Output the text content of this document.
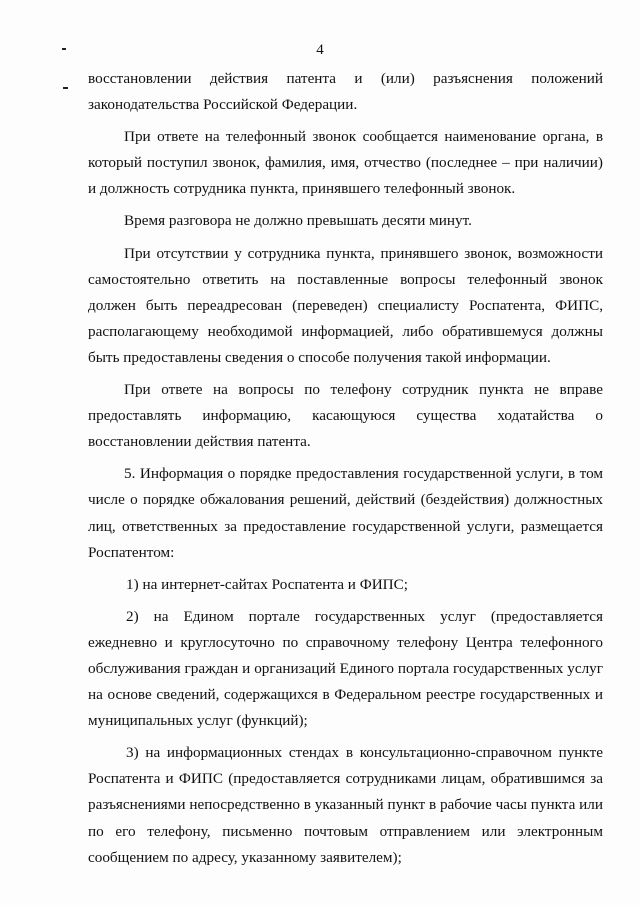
4

восстановлении действия патента и (или) разъяснения положений законодательства Российской Федерации.

При ответе на телефонный звонок сообщается наименование органа, в который поступил звонок, фамилия, имя, отчество (последнее – при наличии) и должность сотрудника пункта, принявшего телефонный звонок.

Время разговора не должно превышать десяти минут.

При отсутствии у сотрудника пункта, принявшего звонок, возможности самостоятельно ответить на поставленные вопросы телефонный звонок должен быть переадресован (переведен) специалисту Роспатента, ФИПС, располагающему необходимой информацией, либо обратившемуся должны быть предоставлены сведения о способе получения такой информации.

При ответе на вопросы по телефону сотрудник пункта не вправе предоставлять информацию, касающуюся существа ходатайства о восстановлении действия патента.

5. Информация о порядке предоставления государственной услуги, в том числе о порядке обжалования решений, действий (бездействия) должностных лиц, ответственных за предоставление государственной услуги, размещается Роспатентом:

1) на интернет-сайтах Роспатента и ФИПС;

2) на Едином портале государственных услуг (предоставляется ежедневно и круглосуточно по справочному телефону Центра телефонного обслуживания граждан и организаций Единого портала государственных услуг на основе сведений, содержащихся в Федеральном реестре государственных и муниципальных услуг (функций);

3) на информационных стендах в консультационно-справочном пункте Роспатента и ФИПС (предоставляется сотрудниками лицам, обратившимся за разъяснениями непосредственно в указанный пункт в рабочие часы пункта или по его телефону, письменно почтовым отправлением или электронным сообщением по адресу, указанному заявителем);
